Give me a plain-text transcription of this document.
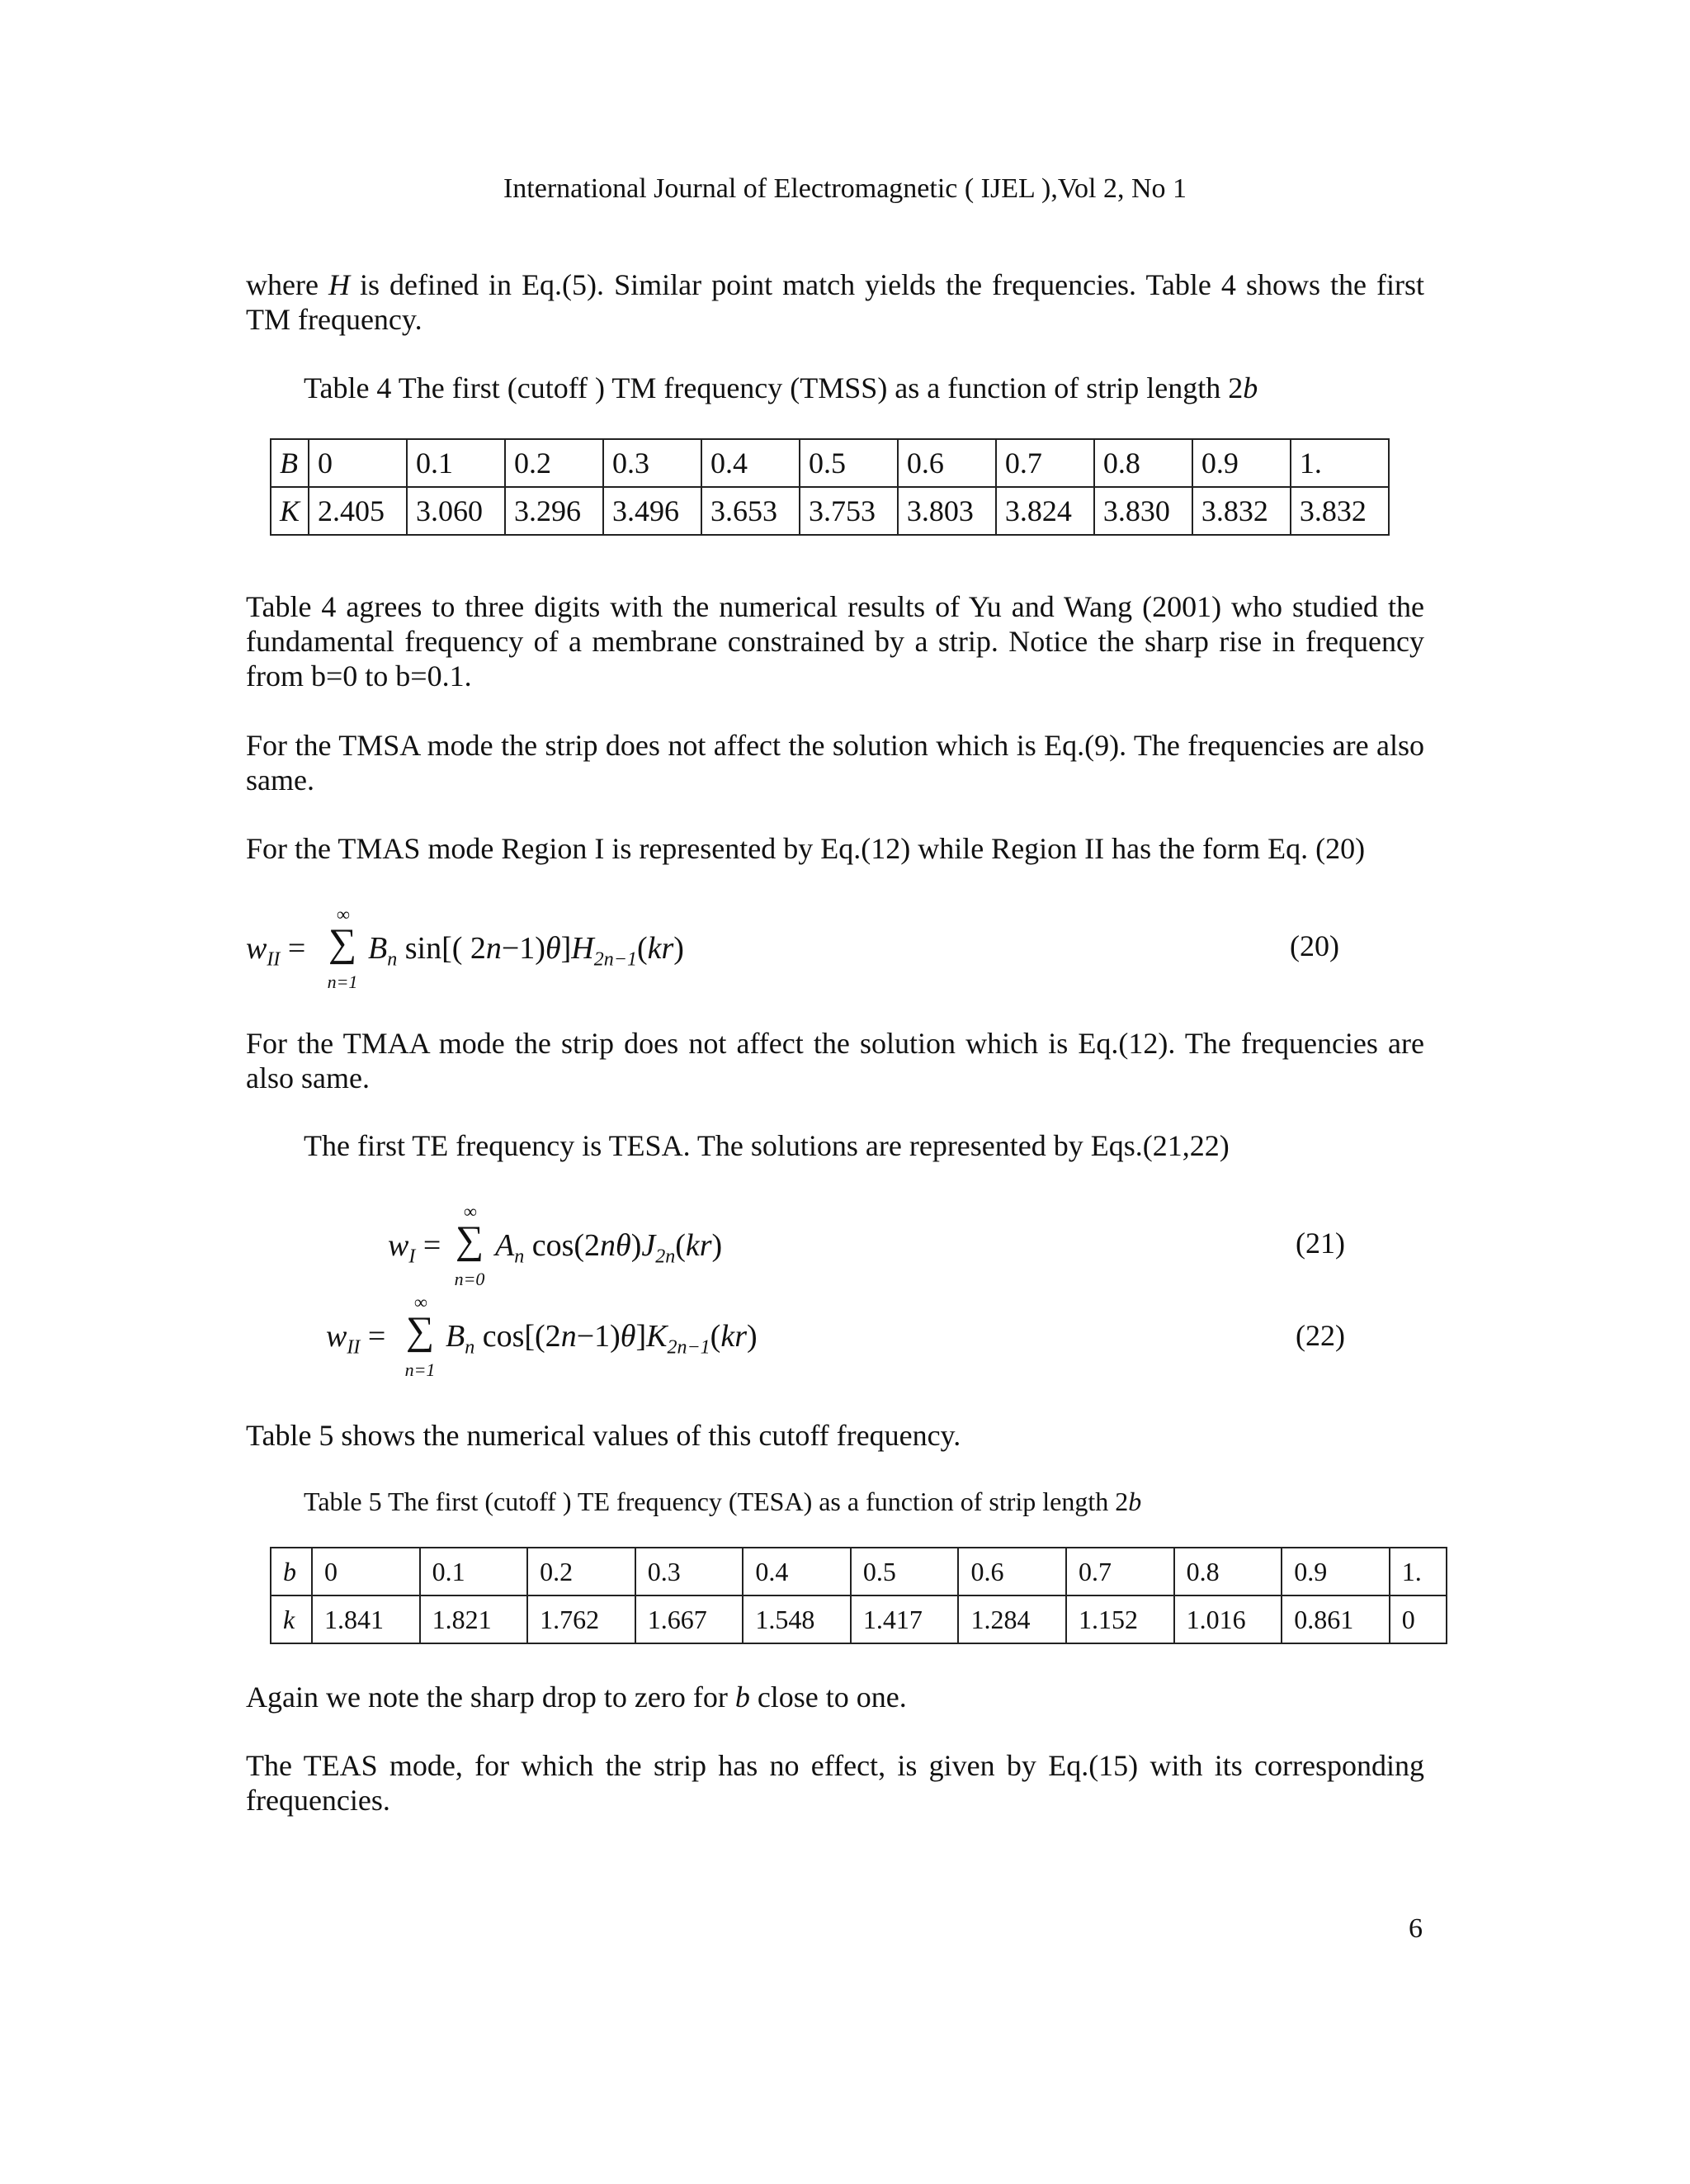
International Journal of Electromagnetic ( IJEL ),Vol 2, No 1
where H is defined in Eq.(5). Similar point match yields the frequencies. Table 4 shows the first TM frequency.
Table 4 The first (cutoff ) TM frequency (TMSS) as a function of strip length 2b
B	0	0.1	0.2	0.3	0.4	0.5	0.6	0.7	0.8	0.9	1.
K	2.405	3.060	3.296	3.496	3.653	3.753	3.803	3.824	3.830	3.832	3.832
Table 4 agrees to three digits with the numerical results of Yu and Wang (2001) who studied the fundamental frequency of a membrane constrained by a strip. Notice the sharp rise in frequency from b=0 to b=0.1.
For the TMSA mode the strip does not affect the solution which is Eq.(9). The frequencies are also same.
For the TMAS mode Region I is represented by Eq.(12) while Region II has the form Eq. (20)
$w_{II}$ =
∞
∑
n=1
$B_n$ sin[( $2n-1)\theta]H_{2n-1}(kr)$	(20)
For the TMAA mode the strip does not affect the solution which is Eq.(12). The frequencies are also same.
The first TE frequency is TESA. The solutions are represented by Eqs.(21,22)
$w_I$ =
∞
∑
n=0
$A_n$ $\cos(2n\theta)J_{2n}(kr)$	(21)
$w_{II}$ =
∞
∑
n=1
$B_n$ $\cos[(2n-1)\theta]K_{2n-1}(kr)$	(22)
Table 5 shows the numerical values of this cutoff frequency.
Table 5 The first (cutoff ) TE frequency (TESA) as a function of strip length 2b
b	0	0.1	0.2	0.3	0.4	0.5	0.6	0.7	0.8	0.9	1.
k	1.841	1.821	1.762	1.667	1.548	1.417	1.284	1.152	1.016	0.861	0
Again we note the sharp drop to zero for b close to one.
The TEAS mode, for which the strip has no effect, is given by Eq.(15) with its corresponding frequencies.
6
